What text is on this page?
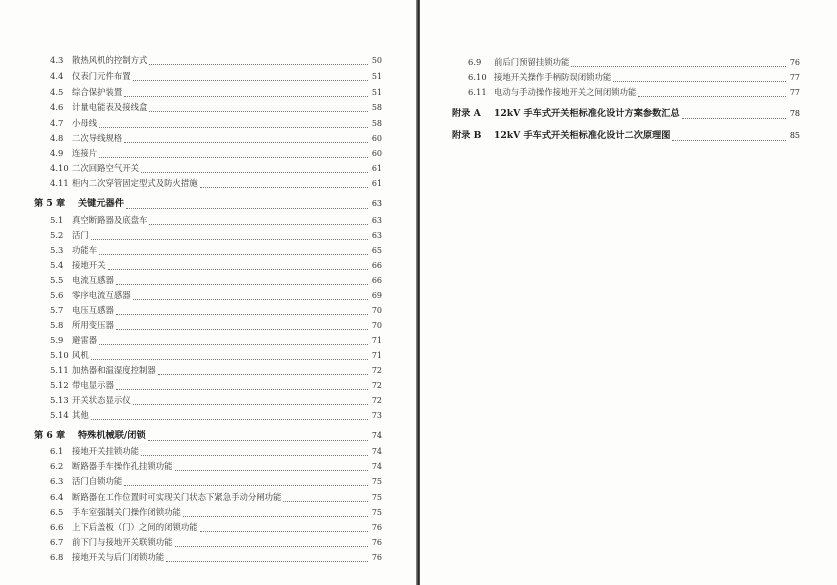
4.3	散热风机的控制方式	50
4.4	仪表门元件布置	51
4.5	综合保护装置	51
4.6	计量电能表及接线盒	58
4.7	小母线	58
4.8	二次导线规格	60
4.9	连接片	60
4.10 二次回路空气开关	61
4.11 柜内二次穿管固定型式及防火措施	61
第 5 章	关键元器件	63
5.1	真空断路器及底盘车	63
5.2	活门	63
5.3	功能车	65
5.4	接地开关	66
5.5	电流互感器	66
5.6	零序电流互感器	69
5.7	电压互感器	70
5.8	所用变压器	70
5.9	避雷器	71
5.10 风机	71
5.11 加热器和温湿度控制器	72
5.12 带电显示器	72
5.13 开关状态显示仪	72
5.14 其他	73
第 6 章	特殊机械联/闭锁	74
6.1	接地开关挂锁功能	74
6.2	断路器手车操作孔挂锁功能	74
6.3	活门自锁功能	75
6.4	断路器在工作位置时可实现关门状态下紧急手动分闸功能	75
6.5	手车室强制关门操作闭锁功能	75
6.6	上下后盖板（门）之间的闭锁功能	76
6.7	前下门与接地开关联锁功能	76
6.8	接地开关与后门闭锁功能	76
6.9	前后门预留挂锁功能	76
6.10 接地开关操作手柄防误闭锁功能	77
6.11 电动与手动操作接地开关之间闭锁功能	77
附录 A	12kV 手车式开关柜标准化设计方案参数汇总	78
附录 B	12kV 手车式开关柜标准化设计二次原理图	85
